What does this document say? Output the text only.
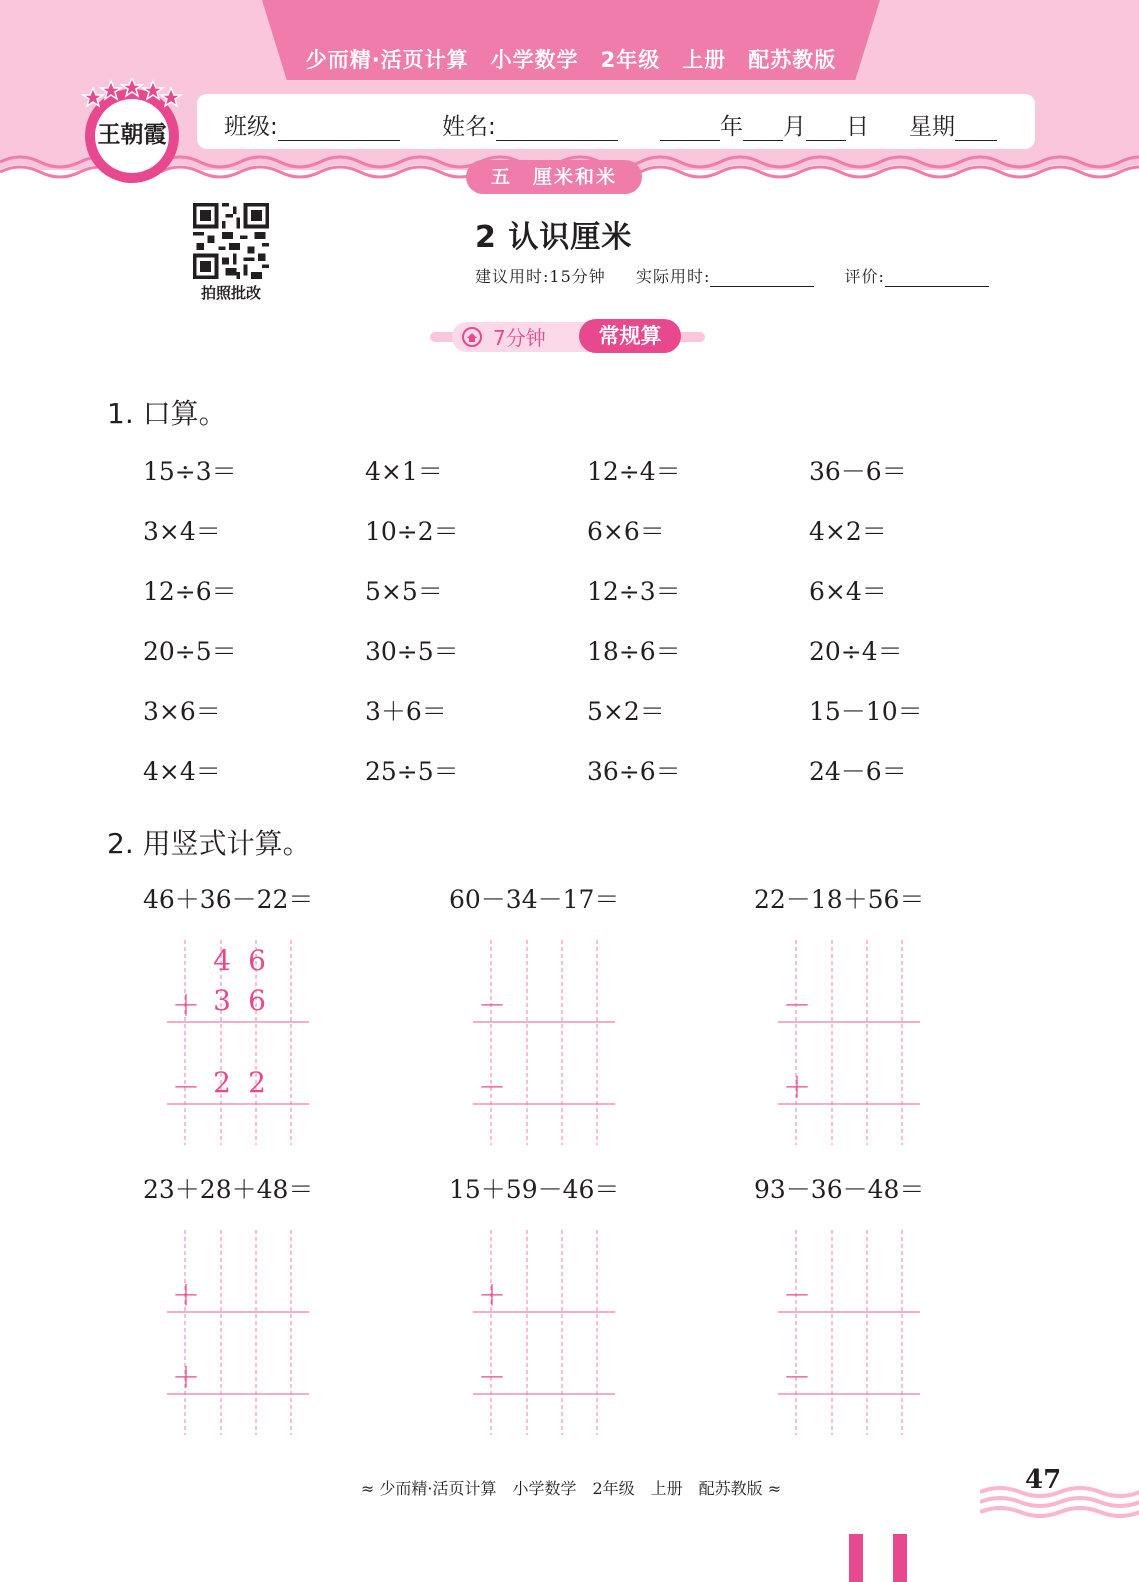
少而精·活页计算　小学数学　2年级　上册　配苏教版
班级:	姓名:	年 月 日 星期
五　厘米和米
王朝霞
拍照批改
2 认识厘米
建议用时:15分钟 实际用时:	评价:
7分钟	常规算
1. 口算。
15÷3＝	4×1＝	12÷4＝	36－6＝
3×4＝	10÷2＝	6×6＝	4×2＝
12÷6＝	5×5＝	12÷3＝	6×4＝
20÷5＝	30÷5＝	18÷6＝	20÷4＝
3×6＝	3＋6＝	5×2＝	15－10＝
4×4＝	25÷5＝	36÷6＝	24－6＝
2. 用竖式计算。
46＋36－22＝
4 6
＋ 3 6
－ 2 2
60－34－17＝
－
－
22－18＋56＝
－
＋
23＋28＋48＝
＋
＋
15＋59－46＝
＋
－
93－36－48＝
－
－
≈ 少而精·活页计算　小学数学　2年级　上册　配苏教版 ≈	47
